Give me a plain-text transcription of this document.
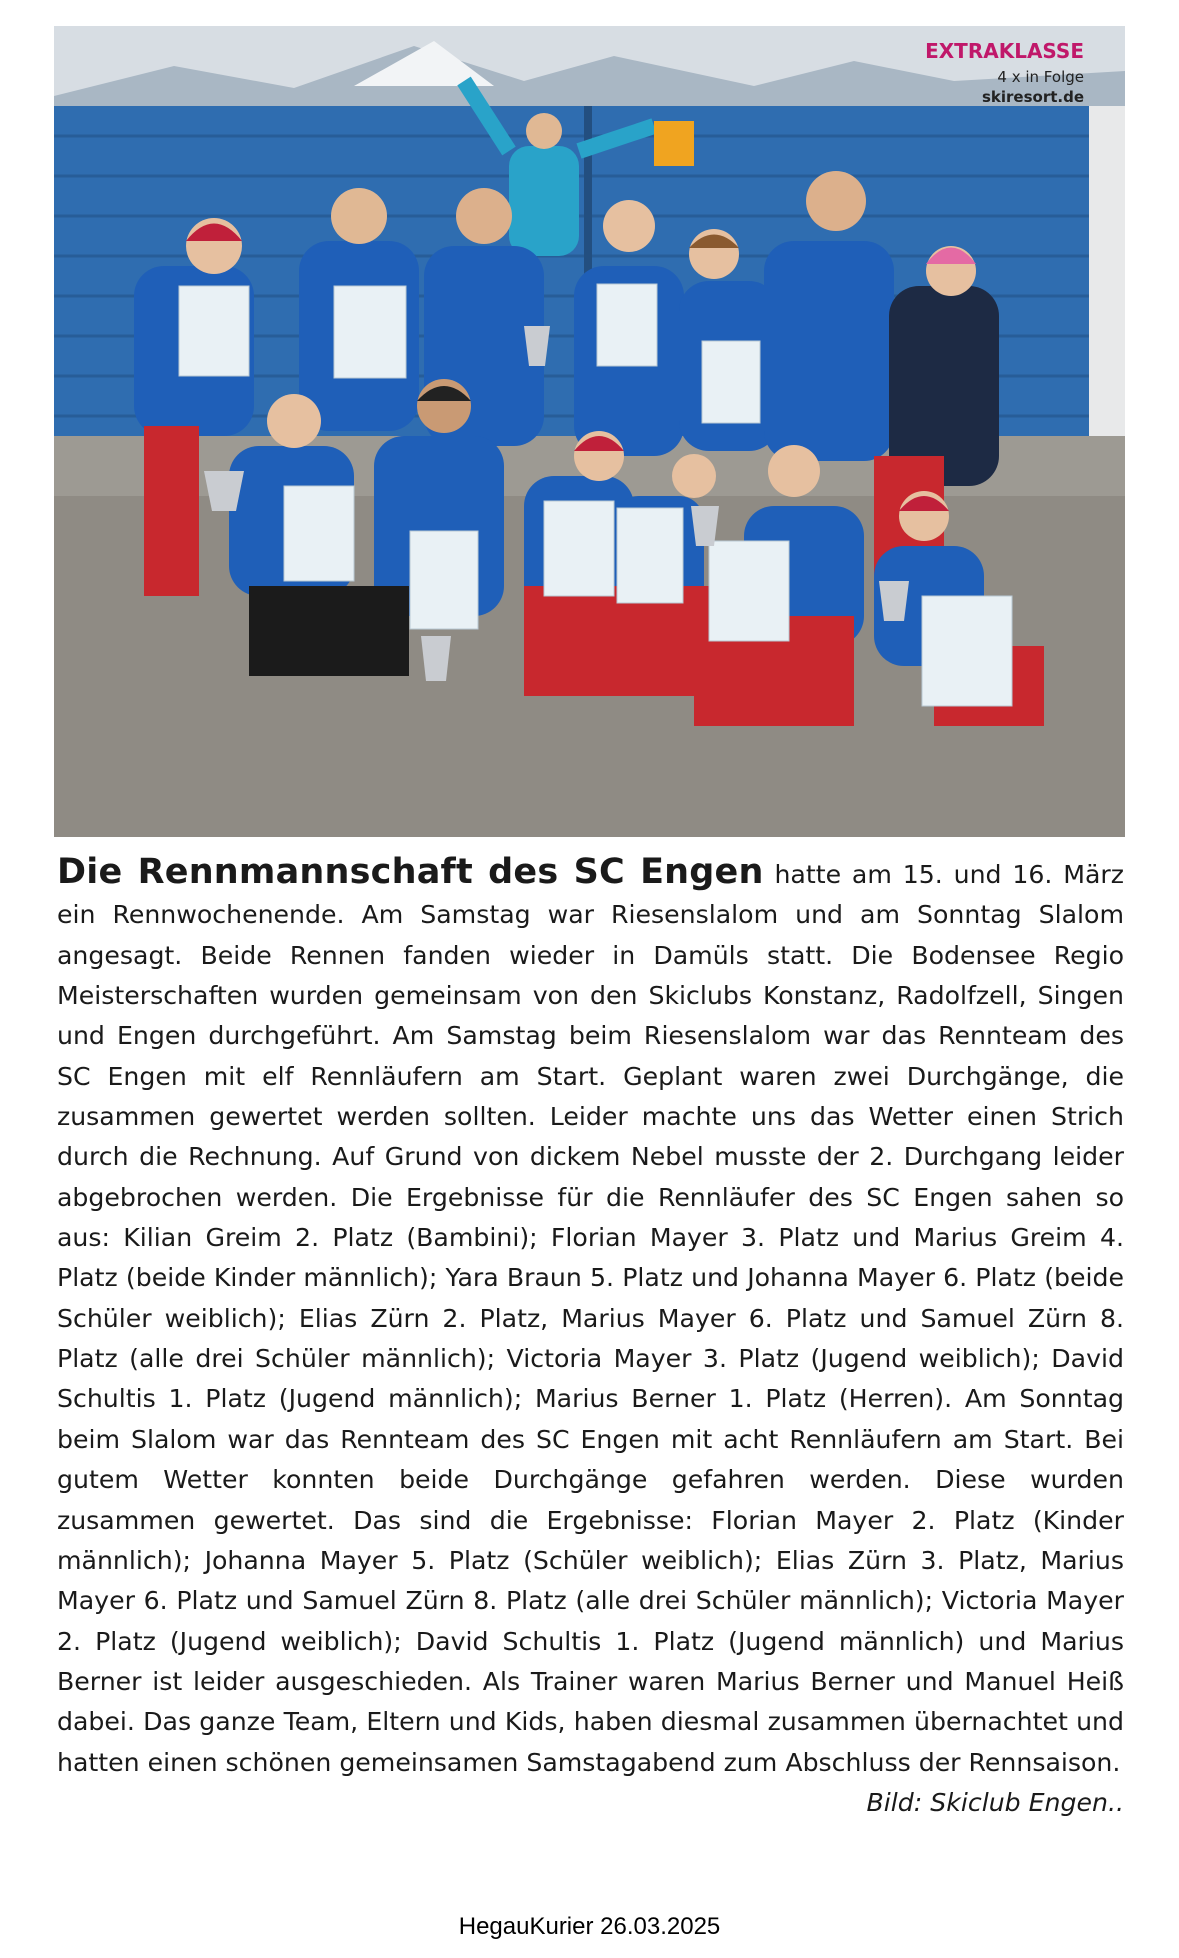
EXTRAKLASSE
4 x in Folge
skiresort.de
Die Rennmannschaft des SC Engen hatte am 15. und 16. März ein Rennwochenende. Am Samstag war Riesenslalom und am Sonntag Slalom angesagt. Beide Rennen fanden wieder in Damüls statt. Die Bodensee Regio Meisterschaften wurden gemeinsam von den Skiclubs Konstanz, Radolfzell, Singen und Engen durchgeführt. Am Samstag beim Riesenslalom war das Rennteam des SC Engen mit elf Rennläufern am Start. Geplant waren zwei Durchgänge, die zusammen gewertet werden sollten. Leider machte uns das Wetter einen Strich durch die Rechnung. Auf Grund von dickem Nebel musste der 2. Durchgang leider abgebrochen werden. Die Ergebnisse für die Rennläufer des SC Engen sahen so aus: Kilian Greim 2. Platz (Bambini); Florian Mayer 3. Platz und Marius Greim 4. Platz (beide Kinder männlich); Yara Braun 5. Platz und Johanna Mayer 6. Platz (beide Schüler weiblich); Elias Zürn 2. Platz, Marius Mayer 6. Platz und Samuel Zürn 8. Platz (alle drei Schüler männlich); Victoria Mayer 3. Platz (Jugend weiblich); David Schultis 1. Platz (Jugend männlich); Marius Berner 1. Platz (Herren). Am Sonntag beim Slalom war das Rennteam des SC Engen mit acht Rennläufern am Start. Bei gutem Wetter konnten beide Durchgänge gefahren werden. Diese wurden zusammen gewertet. Das sind die Ergebnisse: Florian Mayer 2. Platz (Kinder männlich); Johanna Mayer 5. Platz (Schüler weiblich); Elias Zürn 3. Platz, Marius Mayer 6. Platz und Samuel Zürn 8. Platz (alle drei Schüler männlich); Victoria Mayer 2. Platz (Jugend weiblich); David Schultis 1. Platz (Jugend männlich) und Marius Berner ist leider ausgeschieden. Als Trainer waren Marius Berner und Manuel Heiß dabei. Das ganze Team, Eltern und Kids, haben diesmal zusammen übernachtet und hatten einen schönen gemeinsamen Samstagabend zum Abschluss der Rennsaison.
Bild: Skiclub Engen..
HegauKurier 26.03.2025
